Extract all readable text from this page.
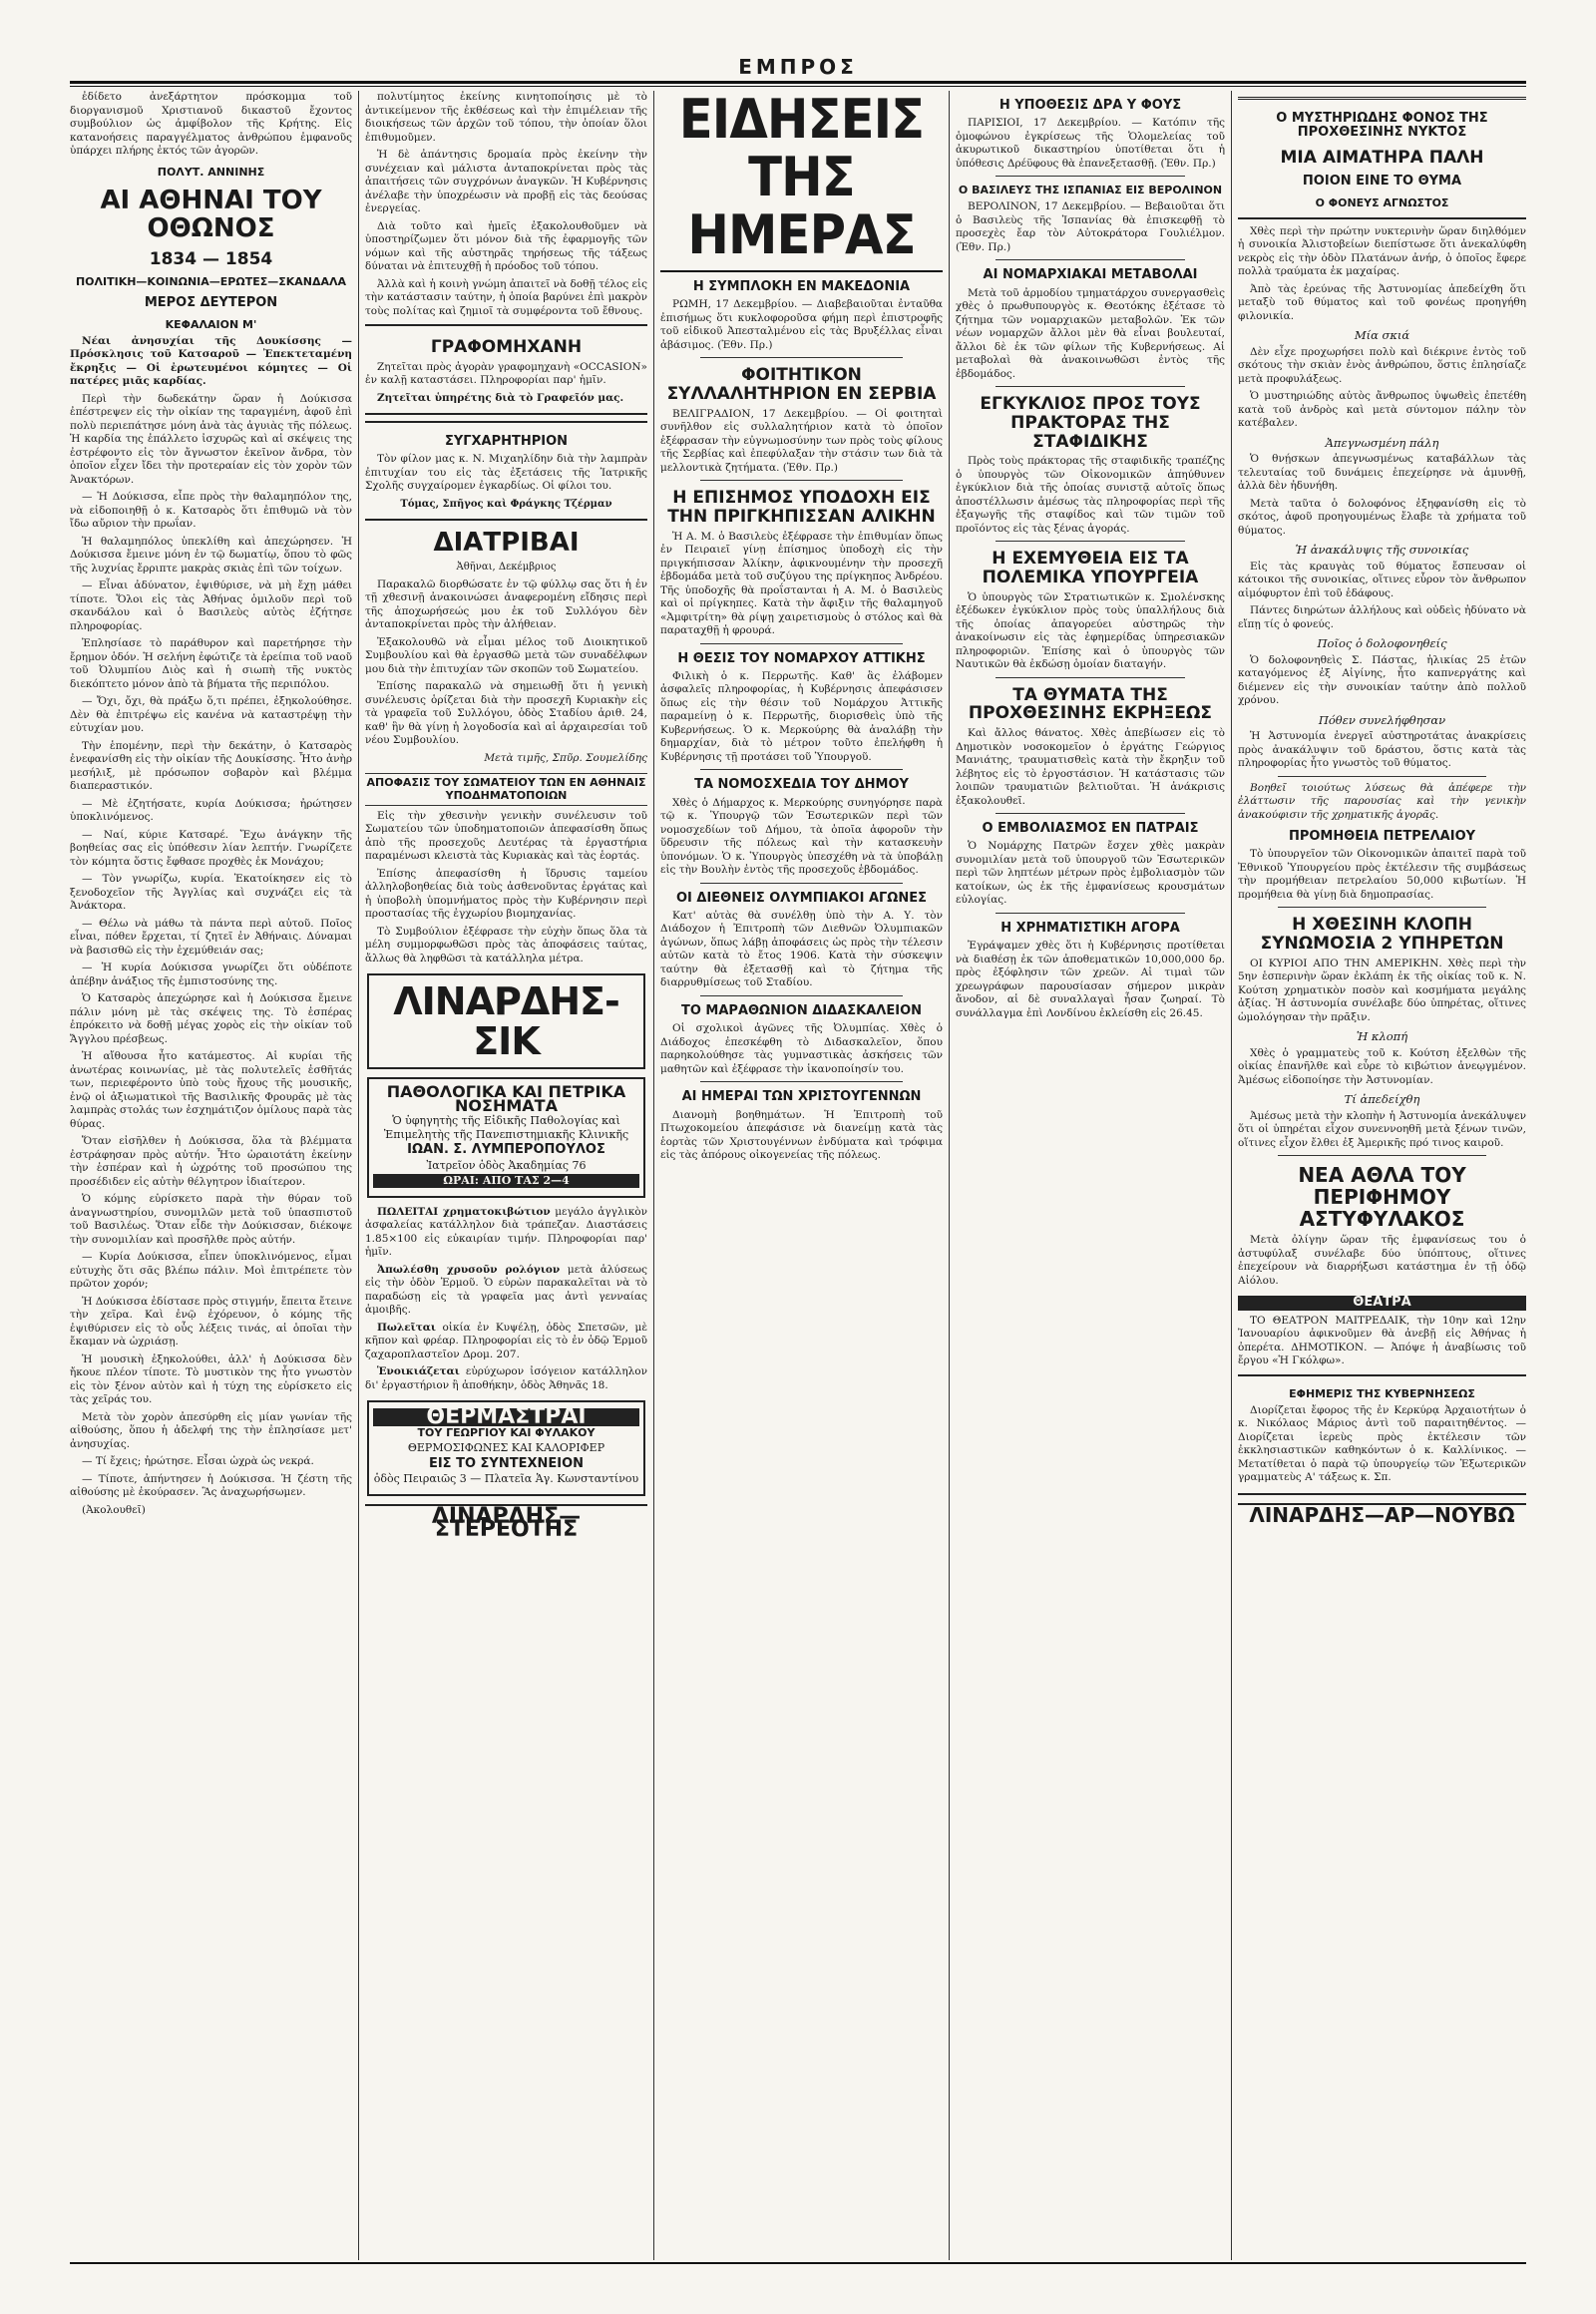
ΕΜΠΡΟΣ

ἐδίδετο ἀνεξάρτητον πρόσκομμα τοῦ διοργανισμοῦ Χριστιανοῦ δικαστοῦ ἔχοντος συμβούλιον ὡς ἀμφίβολον τῆς Κρήτης. Εἰς κατανοήσεις παραγγέλματος ἀνθρώπου ἐμφανοῦς ὑπάρχει πλήρης ἐκτός τῶν ἀγορῶν.

ΠΟΛΥΤ. ΑΝΝΙΝΗΣ
ΑΙ ΑΘΗΝΑΙ ΤΟΥ ΟΘΩΝΟΣ
1834 — 1854
ΠΟΛΙΤΙΚΗ—ΚΟΙΝΩΝΙΑ—ΕΡΩΤΕΣ—ΣΚΑΝΔΑΛΑ
ΜΕΡΟΣ ΔΕΥΤΕΡΟΝ
ΚΕΦΑΛΑΙΟΝ Μ'

Νέαι ἀνησυχίαι τῆς Δουκίσσης — Πρόσκλησις τοῦ Κατσαροῦ — Ἐπεκτεταμένη ἔκρηξις — Οἱ ἐρωτευμένοι κόμητες — Οἱ πατέρες μιᾶς καρδίας.

Περὶ τὴν δωδεκάτην ὥραν ἡ Δούκισσα ἐπέστρεψεν εἰς τὴν οἰκίαν της ταραγμένη, ἀφοῦ ἐπὶ πολὺ περιεπάτησε μόνη ἀνὰ τὰς ἀγυιὰς τῆς πόλεως. Ἡ καρδία της ἐπάλλετο ἰσχυρῶς καὶ αἱ σκέψεις της ἐστρέφοντο εἰς τὸν ἄγνωστον ἐκεῖνον ἄνδρα, τὸν ὁποῖον εἶχεν ἴδει τὴν προτεραίαν εἰς τὸν χορὸν τῶν Ἀνακτόρων.

— Ἡ Δούκισσα, εἶπε πρὸς τὴν θαλαμηπόλον της, νὰ εἰδοποιηθῇ ὁ κ. Κατσαρὸς ὅτι ἐπιθυμῶ νὰ τὸν ἴδω αὔριον τὴν πρωΐαν.

Ἡ θαλαμηπόλος ὑπεκλίθη καὶ ἀπεχώρησεν. Ἡ Δούκισσα ἔμεινε μόνη ἐν τῷ δωματίῳ, ὅπου τὸ φῶς τῆς λυχνίας ἔρριπτε μακρὰς σκιὰς ἐπὶ τῶν τοίχων.

— Εἶναι ἀδύνατον, ἐψιθύρισε, νὰ μὴ ἔχῃ μάθει τίποτε. Ὅλοι εἰς τὰς Ἀθήνας ὁμιλοῦν περὶ τοῦ σκανδάλου καὶ ὁ Βασιλεὺς αὐτὸς ἐζήτησε πληροφορίας.

Ἐπλησίασε τὸ παράθυρον καὶ παρετήρησε τὴν ἔρημον ὁδόν. Ἡ σελήνη ἐφώτιζε τὰ ἐρείπια τοῦ ναοῦ τοῦ Ὀλυμπίου Διὸς καὶ ἡ σιωπὴ τῆς νυκτὸς διεκόπτετο μόνον ἀπὸ τὰ βήματα τῆς περιπόλου.

— Ὄχι, ὄχι, θὰ πράξω ὅ,τι πρέπει, ἐξηκολούθησε. Δὲν θὰ ἐπιτρέψω εἰς κανένα νὰ καταστρέψῃ τὴν εὐτυχίαν μου.

Τὴν ἑπομένην, περὶ τὴν δεκάτην, ὁ Κατσαρὸς ἐνεφανίσθη εἰς τὴν οἰκίαν τῆς Δουκίσσης. Ἦτο ἀνὴρ μεσήλιξ, μὲ πρόσωπον σοβαρὸν καὶ βλέμμα διαπεραστικόν.

— Μὲ ἐζητήσατε, κυρία Δούκισσα; ἠρώτησεν ὑποκλινόμενος.

— Ναί, κύριε Κατσαρέ. Ἔχω ἀνάγκην τῆς βοηθείας σας εἰς ὑπόθεσιν λίαν λεπτήν. Γνωρίζετε τὸν κόμητα ὅστις ἔφθασε προχθὲς ἐκ Μονάχου;

— Τὸν γνωρίζω, κυρία. Ἐκατοίκησεν εἰς τὸ ξενοδοχεῖον τῆς Ἀγγλίας καὶ συχνάζει εἰς τὰ Ἀνάκτορα.

— Θέλω νὰ μάθω τὰ πάντα περὶ αὐτοῦ. Ποῖος εἶναι, πόθεν ἔρχεται, τί ζητεῖ ἐν Ἀθήναις. Δύναμαι νὰ βασισθῶ εἰς τὴν ἐχεμύθειάν σας;

— Ἡ κυρία Δούκισσα γνωρίζει ὅτι οὐδέποτε ἀπέβην ἀνάξιος τῆς ἐμπιστοσύνης της.

Ὁ Κατσαρὸς ἀπεχώρησε καὶ ἡ Δούκισσα ἔμεινε πάλιν μόνη μὲ τὰς σκέψεις της. Τὸ ἑσπέρας ἐπρόκειτο νὰ δοθῇ μέγας χορὸς εἰς τὴν οἰκίαν τοῦ Ἄγγλου πρέσβεως.

Ἡ αἴθουσα ἦτο κατάμεστος. Αἱ κυρίαι τῆς ἀνωτέρας κοινωνίας, μὲ τὰς πολυτελεῖς ἐσθῆτάς των, περιεφέροντο ὑπὸ τοὺς ἤχους τῆς μουσικῆς, ἐνῷ οἱ ἀξιωματικοὶ τῆς Βασιλικῆς Φρουρᾶς μὲ τὰς λαμπρὰς στολάς των ἐσχημάτιζον ὁμίλους παρὰ τὰς θύρας.

Ὅταν εἰσῆλθεν ἡ Δούκισσα, ὅλα τὰ βλέμματα ἐστράφησαν πρὸς αὐτήν. Ἦτο ὡραιοτάτη ἐκείνην τὴν ἑσπέραν καὶ ἡ ὠχρότης τοῦ προσώπου της προσέδιδεν εἰς αὐτὴν θέλγητρον ἰδιαίτερον.

Ὁ κόμης εὑρίσκετο παρὰ τὴν θύραν τοῦ ἀναγνωστηρίου, συνομιλῶν μετὰ τοῦ ὑπασπιστοῦ τοῦ Βασιλέως. Ὅταν εἶδε τὴν Δούκισσαν, διέκοψε τὴν συνομιλίαν καὶ προσῆλθε πρὸς αὐτήν.

— Κυρία Δούκισσα, εἶπεν ὑποκλινόμενος, εἶμαι εὐτυχὴς ὅτι σᾶς βλέπω πάλιν. Μοὶ ἐπιτρέπετε τὸν πρῶτον χορόν;

Ἡ Δούκισσα ἐδίστασε πρὸς στιγμήν, ἔπειτα ἔτεινε τὴν χεῖρα. Καὶ ἐνῷ ἐχόρευον, ὁ κόμης τῆς ἐψιθύρισεν εἰς τὸ οὖς λέξεις τινάς, αἱ ὁποῖαι τὴν ἔκαμαν νὰ ὠχριάσῃ.

Ἡ μουσικὴ ἐξηκολούθει, ἀλλ' ἡ Δούκισσα δὲν ἤκουε πλέον τίποτε. Τὸ μυστικὸν της ἦτο γνωστὸν εἰς τὸν ξένον αὐτὸν καὶ ἡ τύχη της εὑρίσκετο εἰς τὰς χεῖράς του.

Μετὰ τὸν χορὸν ἀπεσύρθη εἰς μίαν γωνίαν τῆς αἰθούσης, ὅπου ἡ ἀδελφή της τὴν ἐπλησίασε μετ' ἀνησυχίας.

— Τί ἔχεις; ἠρώτησε. Εἶσαι ὠχρὰ ὡς νεκρά.

— Τίποτε, ἀπήντησεν ἡ Δούκισσα. Ἡ ζέστη τῆς αἰθούσης μὲ ἐκούρασεν. Ἂς ἀναχωρήσωμεν.

(Ἀκολουθεῖ)

πολυτίμητος ἐκείνης κινητοποίησις μὲ τὸ ἀντικείμενον τῆς ἐκθέσεως καὶ τὴν ἐπιμέλειαν τῆς διοικήσεως τῶν ἀρχῶν τοῦ τόπου, τὴν ὁποίαν ὅλοι ἐπιθυμοῦμεν.

Ἡ δὲ ἀπάντησις δρομαία πρὸς ἐκείνην τὴν συνέχειαν καὶ μάλιστα ἀνταποκρίνεται πρὸς τὰς ἀπαιτήσεις τῶν συγχρόνων ἀναγκῶν. Ἡ Κυβέρνησις ἀνέλαβε τὴν ὑποχρέωσιν νὰ προβῇ εἰς τὰς δεούσας ἐνεργείας.

Διὰ τοῦτο καὶ ἡμεῖς ἐξακολουθοῦμεν νὰ ὑποστηρίζωμεν ὅτι μόνον διὰ τῆς ἐφαρμογῆς τῶν νόμων καὶ τῆς αὐστηρᾶς τηρήσεως τῆς τάξεως δύναται νὰ ἐπιτευχθῇ ἡ πρόοδος τοῦ τόπου.

Ἀλλὰ καὶ ἡ κοινὴ γνώμη ἀπαιτεῖ νὰ δοθῇ τέλος εἰς τὴν κατάστασιν ταύτην, ἡ ὁποία βαρύνει ἐπὶ μακρὸν τοὺς πολίτας καὶ ζημιοῖ τὰ συμφέροντα τοῦ ἔθνους.

ΓΡΑΦΟΜΗΧΑΝΗ

Ζητεῖται πρὸς ἀγορὰν γραφομηχανὴ «OCCASION» ἐν καλῇ καταστάσει. Πληροφορίαι παρ' ἡμῖν.

Ζητεῖται ὑπηρέτης διὰ τὸ Γραφεῖόν μας.

ΣΥΓΧΑΡΗΤΗΡΙΟΝ

Τὸν φίλον μας κ. Ν. Μιχαηλίδην διὰ τὴν λαμπρὰν ἐπιτυχίαν του εἰς τὰς ἐξετάσεις τῆς Ἰατρικῆς Σχολῆς συγχαίρομεν ἐγκαρδίως. Οἱ φίλοι του.

Τόμας, Σπῆγος καὶ Φράγκης Τζέρμαν
ΔΙΑΤΡΙΒΑΙ
Ἀθῆναι, Δεκέμβριος

Παρακαλῶ διορθώσατε ἐν τῷ φύλλῳ σας ὅτι ἡ ἐν τῇ χθεσινῇ ἀνακοινώσει ἀναφερομένη εἴδησις περὶ τῆς ἀποχωρήσεώς μου ἐκ τοῦ Συλλόγου δὲν ἀνταποκρίνεται πρὸς τὴν ἀλήθειαν.

Ἐξακολουθῶ νὰ εἶμαι μέλος τοῦ Διοικητικοῦ Συμβουλίου καὶ θὰ ἐργασθῶ μετὰ τῶν συναδέλφων μου διὰ τὴν ἐπιτυχίαν τῶν σκοπῶν τοῦ Σωματείου.

Ἐπίσης παρακαλῶ νὰ σημειωθῇ ὅτι ἡ γενικὴ συνέλευσις ὁρίζεται διὰ τὴν προσεχῆ Κυριακὴν εἰς τὰ γραφεῖα τοῦ Συλλόγου, ὁδὸς Σταδίου ἀριθ. 24, καθ' ἣν θὰ γίνῃ ἡ λογοδοσία καὶ αἱ ἀρχαιρεσίαι τοῦ νέου Συμβουλίου.

Μετὰ τιμῆς, Σπῦρ. Σουμελίδης

ΑΠΟΦΑΣΙΣ ΤΟΥ ΣΩΜΑΤΕΙΟΥ ΤΩΝ ΕΝ ΑΘΗΝΑΙΣ ΥΠΟΔΗΜΑΤΟΠΟΙΩΝ

Εἰς τὴν χθεσινὴν γενικὴν συνέλευσιν τοῦ Σωματείου τῶν ὑποδηματοποιῶν ἀπεφασίσθη ὅπως ἀπὸ τῆς προσεχοῦς Δευτέρας τὰ ἐργαστήρια παραμένωσι κλειστὰ τὰς Κυριακὰς καὶ τὰς ἑορτάς.

Ἐπίσης ἀπεφασίσθη ἡ ἵδρυσις ταμείου ἀλληλοβοηθείας διὰ τοὺς ἀσθενοῦντας ἐργάτας καὶ ἡ ὑποβολὴ ὑπομνήματος πρὸς τὴν Κυβέρνησιν περὶ προστασίας τῆς ἐγχωρίου βιομηχανίας.

Τὸ Συμβούλιον ἐξέφρασε τὴν εὐχὴν ὅπως ὅλα τὰ μέλη συμμορφωθῶσι πρὸς τὰς ἀποφάσεις ταύτας, ἄλλως θὰ ληφθῶσι τὰ κατάλληλα μέτρα.

ΛΙΝΑΡΔΗΣ-ΣΙΚ
ΠΑΘΟΛΟΓΙΚΑ ΚΑΙ ΠΕΤΡΙΚΑ ΝΟΣΗΜΑΤΑ
Ὁ ὑφηγητὴς τῆς Εἰδικῆς Παθολογίας καὶ Ἐπιμελητὴς τῆς Πανεπιστημιακῆς Κλινικῆς
ΙΩΑΝ. Σ. ΛΥΜΠΕΡΟΠΟΥΛΟΣ
Ἰατρεῖον ὁδὸς Ἀκαδημίας 76
ΩΡΑΙ: ΑΠΟ ΤΑΣ 2—4

ΠΩΛΕΙΤΑΙ χρηματοκιβώτιον μεγάλο ἀγγλικὸν ἀσφαλείας κατάλληλον διὰ τράπεζαν. Διαστάσεις 1.85×100 εἰς εὐκαιρίαν τιμήν. Πληροφορίαι παρ' ἡμῖν.

Ἀπωλέσθη χρυσοῦν ρολόγιον μετὰ ἁλύσεως εἰς τὴν ὁδὸν Ἑρμοῦ. Ὁ εὑρὼν παρακαλεῖται νὰ τὸ παραδώσῃ εἰς τὰ γραφεῖα μας ἀντὶ γενναίας ἀμοιβῆς.

Πωλεῖται οἰκία ἐν Κυψέλῃ, ὁδὸς Σπετσῶν, μὲ κῆπον καὶ φρέαρ. Πληροφορίαι εἰς τὸ ἐν ὁδῷ Ἑρμοῦ ζαχαροπλαστεῖον Δρομ. 207.

Ἑνοικιάζεται εὐρύχωρον ἰσόγειον κατάλληλον δι' ἐργαστήριον ἢ ἀποθήκην, ὁδὸς Ἀθηνᾶς 18.

ΘΕΡΜΑΣΤΡΑΙ
ΤΟΥ ΓΕΩΡΓΙΟΥ ΚΑΙ ΦΥΛΑΚΟΥ
ΘΕΡΜΟΣΙΦΩΝΕΣ ΚΑΙ ΚΑΛΟΡΙΦΕΡ
ΕΙΣ ΤΟ ΣΥΝΤΕΧΝΕΙΟΝ
ὁδὸς Πειραιῶς 3 — Πλατεῖα Ἁγ. Κωνσταντίνου
ΛΙΝΑΡΔΗΣ—ΣΤΕΡΕΟΤΗΣ
ΕΙΔΗΣΕΙΣ ΤΗΣ ΗΜΕΡΑΣ
Η ΣΥΜΠΛΟΚΗ ΕΝ ΜΑΚΕΔΟΝΙΑ

ΡΩΜΗ, 17 Δεκεμβρίου. — Διαβεβαιοῦται ἐνταῦθα ἐπισήμως ὅτι κυκλοφοροῦσα φήμη περὶ ἐπιστροφῆς τοῦ εἰδικοῦ Ἀπεσταλμένου εἰς τὰς Βρυξέλλας εἶναι ἀβάσιμος. (Ἐθν. Πρ.)

ΦΟΙΤΗΤΙΚΟΝ ΣΥΛΛΑΛΗΤΗΡΙΟΝ ΕΝ ΣΕΡΒΙΑ

ΒΕΛΙΓΡΑΔΙΟΝ, 17 Δεκεμβρίου. — Οἱ φοιτηταὶ συνῆλθον εἰς συλλαλητήριον κατὰ τὸ ὁποῖον ἐξέφρασαν τὴν εὐγνωμοσύνην των πρὸς τοὺς φίλους τῆς Σερβίας καὶ ἐπεφύλαξαν τὴν στάσιν των διὰ τὰ μελλοντικὰ ζητήματα. (Ἐθν. Πρ.)

Η ΕΠΙΣΗΜΟΣ ΥΠΟΔΟΧΗ ΕΙΣ ΤΗΝ ΠΡΙΓΚΗΠΙΣΣΑΝ ΑΛΙΚΗΝ

Ἡ Α. Μ. ὁ Βασιλεὺς ἐξέφρασε τὴν ἐπιθυμίαν ὅπως ἐν Πειραιεῖ γίνῃ ἐπίσημος ὑποδοχὴ εἰς τὴν πριγκήπισσαν Ἀλίκην, ἀφικνουμένην τὴν προσεχῆ ἑβδομάδα μετὰ τοῦ συζύγου της πρίγκηπος Ἀνδρέου. Τῆς ὑποδοχῆς θὰ προΐστανται ἡ Α. Μ. ὁ Βασιλεὺς καὶ οἱ πρίγκηπες. Κατὰ τὴν ἄφιξιν τῆς θαλαμηγοῦ «Ἀμφιτρίτη» θὰ ρίψῃ χαιρετισμοὺς ὁ στόλος καὶ θὰ παραταχθῇ ἡ φρουρά.

Η ΘΕΣΙΣ ΤΟΥ ΝΟΜΑΡΧΟΥ ΑΤΤΙΚΗΣ

Φιλικὴ ὁ κ. Περρωτῆς. Καθ' ἃς ἐλάβομεν ἀσφαλεῖς πληροφορίας, ἡ Κυβέρνησις ἀπεφάσισεν ὅπως εἰς τὴν θέσιν τοῦ Νομάρχου Ἀττικῆς παραμείνῃ ὁ κ. Περρωτῆς, διορισθεὶς ὑπὸ τῆς Κυβερνήσεως. Ὁ κ. Μερκούρης θὰ ἀναλάβῃ τὴν δημαρχίαν, διὰ τὸ μέτρον τοῦτο ἐπελήφθη ἡ Κυβέρνησις τῇ προτάσει τοῦ Ὑπουργοῦ.

ΤΑ ΝΟΜΟΣΧΕΔΙΑ ΤΟΥ ΔΗΜΟΥ

Χθὲς ὁ Δήμαρχος κ. Μερκούρης συνηγόρησε παρὰ τῷ κ. Ὑπουργῷ τῶν Ἐσωτερικῶν περὶ τῶν νομοσχεδίων τοῦ Δήμου, τὰ ὁποῖα ἀφοροῦν τὴν ὕδρευσιν τῆς πόλεως καὶ τὴν κατασκευὴν ὑπονόμων. Ὁ κ. Ὑπουργὸς ὑπεσχέθη νὰ τὰ ὑποβάλῃ εἰς τὴν Βουλὴν ἐντὸς τῆς προσεχοῦς ἑβδομάδος.

ΟΙ ΔΙΕΘΝΕΙΣ ΟΛΥΜΠΙΑΚΟΙ ΑΓΩΝΕΣ

Κατ' αὐτὰς θὰ συνέλθῃ ὑπὸ τὴν Α. Υ. τὸν Διάδοχον ἡ Ἐπιτροπὴ τῶν Διεθνῶν Ὀλυμπιακῶν ἀγώνων, ὅπως λάβῃ ἀποφάσεις ὡς πρὸς τὴν τέλεσιν αὐτῶν κατὰ τὸ ἔτος 1906. Κατὰ τὴν σύσκεψιν ταύτην θὰ ἐξετασθῇ καὶ τὸ ζήτημα τῆς διαρρυθμίσεως τοῦ Σταδίου.

ΤΟ ΜΑΡΑΘΩΝΙΟΝ ΔΙΔΑΣΚΑΛΕΙΟΝ

Οἱ σχολικοὶ ἀγῶνες τῆς Ὀλυμπίας. Χθὲς ὁ Διάδοχος ἐπεσκέφθη τὸ Διδασκαλεῖον, ὅπου παρηκολούθησε τὰς γυμναστικὰς ἀσκήσεις τῶν μαθητῶν καὶ ἐξέφρασε τὴν ἱκανοποίησίν του.

ΑΙ ΗΜΕΡΑΙ ΤΩΝ ΧΡΙΣΤΟΥΓΕΝΝΩΝ

Διανομὴ βοηθημάτων. Ἡ Ἐπιτροπὴ τοῦ Πτωχοκομείου ἀπεφάσισε νὰ διανείμῃ κατὰ τὰς ἑορτὰς τῶν Χριστουγέννων ἐνδύματα καὶ τρόφιμα εἰς τὰς ἀπόρους οἰκογενείας τῆς πόλεως.

Η ΥΠΟΘΕΣΙΣ ΔΡΑ Υ ΦΟΥΣ

ΠΑΡΙΣΙΟΙ, 17 Δεκεμβρίου. — Κατόπιν τῆς ὁμοφώνου ἐγκρίσεως τῆς Ὁλομελείας τοῦ ἀκυρωτικοῦ δικαστηρίου ὑποτίθεται ὅτι ἡ ὑπόθεσις Δρέϋφους θὰ ἐπανεξετασθῇ. (Ἐθν. Πρ.)

Ο ΒΑΣΙΛΕΥΣ ΤΗΣ ΙΣΠΑΝΙΑΣ ΕΙΣ ΒΕΡΟΛΙΝΟΝ

ΒΕΡΟΛΙΝΟΝ, 17 Δεκεμβρίου. — Βεβαιοῦται ὅτι ὁ Βασιλεὺς τῆς Ἱσπανίας θὰ ἐπισκεφθῇ τὸ προσεχὲς ἔαρ τὸν Αὐτοκράτορα Γουλιέλμον. (Ἐθν. Πρ.)

ΑΙ ΝΟΜΑΡΧΙΑΚΑΙ ΜΕΤΑΒΟΛΑΙ

Μετὰ τοῦ ἀρμοδίου τμηματάρχου συνεργασθεὶς χθὲς ὁ πρωθυπουργὸς κ. Θεοτόκης ἐξέτασε τὸ ζήτημα τῶν νομαρχιακῶν μεταβολῶν. Ἐκ τῶν νέων νομαρχῶν ἄλλοι μὲν θὰ εἶναι βουλευταί, ἄλλοι δὲ ἐκ τῶν φίλων τῆς Κυβερνήσεως. Αἱ μεταβολαὶ θὰ ἀνακοινωθῶσι ἐντὸς τῆς ἑβδομάδος.

ΕΓΚΥΚΛΙΟΣ ΠΡΟΣ ΤΟΥΣ ΠΡΑΚΤΟΡΑΣ ΤΗΣ ΣΤΑΦΙΔΙΚΗΣ

Πρὸς τοὺς πράκτορας τῆς σταφιδικῆς τραπέζης ὁ ὑπουργὸς τῶν Οἰκονομικῶν ἀπηύθυνεν ἐγκύκλιον διὰ τῆς ὁποίας συνιστᾷ αὐτοῖς ὅπως ἀποστέλλωσιν ἀμέσως τὰς πληροφορίας περὶ τῆς ἐξαγωγῆς τῆς σταφίδος καὶ τῶν τιμῶν τοῦ προϊόντος εἰς τὰς ξένας ἀγοράς.

Η ΕΧΕΜΥΘΕΙΑ ΕΙΣ ΤΑ ΠΟΛΕΜΙΚΑ ΥΠΟΥΡΓΕΙΑ

Ὁ ὑπουργὸς τῶν Στρατιωτικῶν κ. Σμολένσκης ἐξέδωκεν ἐγκύκλιον πρὸς τοὺς ὑπαλλήλους διὰ τῆς ὁποίας ἀπαγορεύει αὐστηρῶς τὴν ἀνακοίνωσιν εἰς τὰς ἐφημερίδας ὑπηρεσιακῶν πληροφοριῶν. Ἐπίσης καὶ ὁ ὑπουργὸς τῶν Ναυτικῶν θὰ ἐκδώσῃ ὁμοίαν διαταγήν.

ΤΑ ΘΥΜΑΤΑ ΤΗΣ ΠΡΟΧΘΕΣΙΝΗΣ ΕΚΡΗΞΕΩΣ

Καὶ ἄλλος θάνατος. Χθὲς ἀπεβίωσεν εἰς τὸ Δημοτικὸν νοσοκομεῖον ὁ ἐργάτης Γεώργιος Μανιάτης, τραυματισθεὶς κατὰ τὴν ἔκρηξιν τοῦ λέβητος εἰς τὸ ἐργοστάσιον. Ἡ κατάστασις τῶν λοιπῶν τραυματιῶν βελτιοῦται. Ἡ ἀνάκρισις ἐξακολουθεῖ.

Ο ΕΜΒΟΛΙΑΣΜΟΣ ΕΝ ΠΑΤΡΑΙΣ

Ὁ Νομάρχης Πατρῶν ἔσχεν χθὲς μακρὰν συνομιλίαν μετὰ τοῦ ὑπουργοῦ τῶν Ἐσωτερικῶν περὶ τῶν ληπτέων μέτρων πρὸς ἐμβολιασμὸν τῶν κατοίκων, ὡς ἐκ τῆς ἐμφανίσεως κρουσμάτων εὐλογίας.

Η ΧΡΗΜΑΤΙΣΤΙΚΗ ΑΓΟΡΑ

Ἐγράψαμεν χθὲς ὅτι ἡ Κυβέρνησις προτίθεται νὰ διαθέσῃ ἐκ τῶν ἀποθεματικῶν 10,000,000 δρ. πρὸς ἐξόφλησιν τῶν χρεῶν. Αἱ τιμαὶ τῶν χρεωγράφων παρουσίασαν σήμερον μικρὰν ἄνοδον, αἱ δὲ συναλλαγαὶ ἦσαν ζωηραί. Τὸ συνάλλαγμα ἐπὶ Λονδίνου ἐκλείσθη εἰς 26.45.

Ο ΜΥΣΤΗΡΙΩΔΗΣ ΦΟΝΟΣ ΤΗΣ ΠΡΟΧΘΕΣΙΝΗΣ ΝΥΚΤΟΣ
ΜΙΑ ΑΙΜΑΤΗΡΑ ΠΑΛΗ
ΠΟΙΟΝ ΕΙΝΕ ΤΟ ΘΥΜΑ
Ο ΦΟΝΕΥΣ ΑΓΝΩΣΤΟΣ

Χθὲς περὶ τὴν πρώτην νυκτερινὴν ὥραν διηλθόμεν ἡ συνοικία Ἀλιστοβείων διεπίστωσε ὅτι ἀνεκαλύφθη νεκρὸς εἰς τὴν ὁδὸν Πλατάνων ἀνήρ, ὁ ὁποῖος ἔφερε πολλὰ τραύματα ἐκ μαχαίρας.

Ἀπὸ τὰς ἐρεύνας τῆς Ἀστυνομίας ἀπεδείχθη ὅτι μεταξὺ τοῦ θύματος καὶ τοῦ φονέως προηγήθη φιλονικία.

Μία σκιά

Δὲν εἶχε προχωρήσει πολὺ καὶ διέκρινε ἐντὸς τοῦ σκότους τὴν σκιὰν ἑνὸς ἀνθρώπου, ὅστις ἐπλησίαζε μετὰ προφυλάξεως.

Ὁ μυστηριώδης αὐτὸς ἄνθρωπος ὑψωθεὶς ἐπετέθη κατὰ τοῦ ἀνδρὸς καὶ μετὰ σύντομον πάλην τὸν κατέβαλεν.

Ἀπεγνωσμένη πάλη

Ὁ θνῄσκων ἀπεγνωσμένως καταβάλλων τὰς τελευταίας τοῦ δυνάμεις ἐπεχείρησε νὰ ἀμυνθῇ, ἀλλὰ δὲν ἠδυνήθη.

Μετὰ ταῦτα ὁ δολοφόνος ἐξηφανίσθη εἰς τὸ σκότος, ἀφοῦ προηγουμένως ἔλαβε τὰ χρήματα τοῦ θύματος.

Ἡ ἀνακάλυψις τῆς συνοικίας

Εἰς τὰς κραυγὰς τοῦ θύματος ἔσπευσαν οἱ κάτοικοι τῆς συνοικίας, οἵτινες εὗρον τὸν ἄνθρωπον αἱμόφυρτον ἐπὶ τοῦ ἐδάφους.

Πάντες διηρώτων ἀλλήλους καὶ οὐδεὶς ἠδύνατο νὰ εἴπῃ τίς ὁ φονεύς.

Ποῖος ὁ δολοφονηθείς

Ὁ δολοφονηθεὶς Σ. Πάστας, ἡλικίας 25 ἐτῶν καταγόμενος ἐξ Αἰγίνης, ἦτο καπνεργάτης καὶ διέμενεν εἰς τὴν συνοικίαν ταύτην ἀπὸ πολλοῦ χρόνου.

Πόθεν συνελήφθησαν

Ἡ Ἀστυνομία ἐνεργεῖ αὐστηροτάτας ἀνακρίσεις πρὸς ἀνακάλυψιν τοῦ δράστου, ὅστις κατὰ τὰς πληροφορίας ἦτο γνωστὸς τοῦ θύματος.

Βοηθεῖ τοιούτως λύσεως θὰ ἀπέφερε τὴν ἐλάττωσιν τῆς παρουσίας καὶ τὴν γενικὴν ἀνακούφισιν τῆς χρηματικῆς ἀγορᾶς.

ΠΡΟΜΗΘΕΙΑ ΠΕΤΡΕΛΑΙΟΥ

Τὸ ὑπουργεῖον τῶν Οἰκονομικῶν ἀπαιτεῖ παρὰ τοῦ Ἐθνικοῦ Ὑπουργείου πρὸς ἐκτέλεσιν τῆς συμβάσεως τὴν προμήθειαν πετρελαίου 50,000 κιβωτίων. Ἡ προμήθεια θὰ γίνῃ διὰ δημοπρασίας.

Η ΧΘΕΣΙΝΗ ΚΛΟΠΗ ΣΥΝΩΜΟΣΙΑ 2 ΥΠΗΡΕΤΩΝ

ΟΙ ΚΥΡΙΟΙ ΑΠΟ ΤΗΝ ΑΜΕΡΙΚΗΝ. Χθὲς περὶ τὴν 5ην ἑσπερινὴν ὥραν ἐκλάπη ἐκ τῆς οἰκίας τοῦ κ. Ν. Κούτση χρηματικὸν ποσὸν καὶ κοσμήματα μεγάλης ἀξίας. Ἡ ἀστυνομία συνέλαβε δύο ὑπηρέτας, οἵτινες ὡμολόγησαν τὴν πρᾶξιν.

Ἡ κλοπή

Χθὲς ὁ γραμματεὺς τοῦ κ. Κούτση ἐξελθὼν τῆς οἰκίας ἐπανῆλθε καὶ εὗρε τὸ κιβώτιον ἀνεῳγμένον. Ἀμέσως εἰδοποίησε τὴν Ἀστυνομίαν.

Τί ἀπεδείχθη

Ἀμέσως μετὰ τὴν κλοπὴν ἡ Ἀστυνομία ἀνεκάλυψεν ὅτι οἱ ὑπηρέται εἶχον συνεννοηθῆ μετὰ ξένων τινῶν, οἵτινες εἶχον ἔλθει ἐξ Ἀμερικῆς πρό τινος καιροῦ.

ΝΕΑ ΑΘΛΑ ΤΟΥ ΠΕΡΙΦΗΜΟΥ ΑΣΤΥΦΥΛΑΚΟΣ

Μετὰ ὀλίγην ὥραν τῆς ἐμφανίσεως του ὁ ἀστυφύλαξ συνέλαβε δύο ὑπόπτους, οἵτινες ἐπεχείρουν νὰ διαρρήξωσι κατάστημα ἐν τῇ ὁδῷ Αἰόλου.

ΘΕΑΤΡΑ

ΤΟ ΘΕΑΤΡΟΝ ΜΑΙΤΡΕΔΑΙΚ, τὴν 10ην καὶ 12ην Ἰανουαρίου ἀφικνοῦμεν θὰ ἀνεβῇ εἰς Ἀθήνας ἡ ὀπερέτα. ΔΗΜΟΤΙΚΟΝ. — Ἀπόψε ἡ ἀναβίωσις τοῦ ἔργου «Ἡ Γκόλφω».

ΕΦΗΜΕΡΙΣ ΤΗΣ ΚΥΒΕΡΝΗΣΕΩΣ

Διορίζεται ἔφορος τῆς ἐν Κερκύρᾳ Ἀρχαιοτήτων ὁ κ. Νικόλαος Μάριος ἀντὶ τοῦ παραιτηθέντος. — Διορίζεται ἱερεὺς πρὸς ἐκτέλεσιν τῶν ἐκκλησιαστικῶν καθηκόντων ὁ κ. Καλλίνικος. — Μετατίθεται ὁ παρὰ τῷ ὑπουργείῳ τῶν Ἐξωτερικῶν γραμματεὺς Α' τάξεως κ. Σπ.

ΛΙΝΑΡΔΗΣ—ΑΡ—ΝΟΥΒΩ
